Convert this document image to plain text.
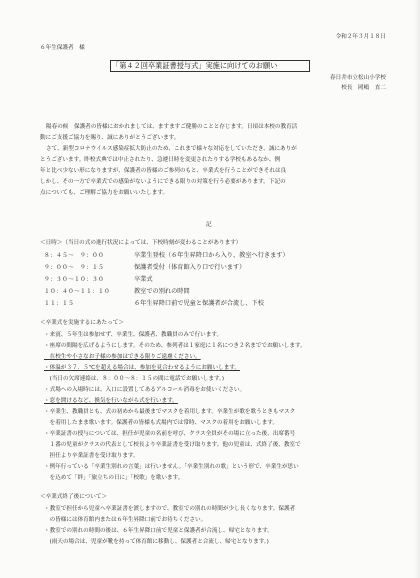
令和２年３月１８日
６年生保護者　様
「第４２回卒業証書授与式」実施に向けてのお願い
春日井市立松山小学校
校長　岡嶋　直二
陽春の候　保護者の皆様におかれましては、ますますご健勝のことと存じます。日頃は本校の教育活
動にご支援ご協力を賜り、誠にありがとうございます。
さて、新型コロナウイルス感染症拡大防止のため、これまで様々な対応をしていただき、誠にありが
とうございます。昨校式典では中止されたり、急遽日時を変更されたりする学校もあるなか、例
年と比べ少ない形になりますが、保護者の皆様のご参列のもと、卒業式を行うことができそれは良
しかし、その一方で卒業式での感染がないようにできる限りの対策を行う必要があります。下記の
点についても、ご理解ご協力をお願いいたします。
記
＜日時＞（当日の式の進行状況によっては、下校時刻が変わることがあります）
８：４５～　９：００	卒業生登校（６年生昇降口から入り、教室へ行きます）
９：００～　９：１５	保護者受付（体育館入り口で行います）
９：３０～１０：３０	卒業式
１０：４０～１１：１０	教室での別れの時間
１１：１５	６年生昇降口前で児童と保護者が合流し、下校
＜卒業式を実施するにあたって＞
・来賓、５年生は参加せず、卒業生、保護者、教職員のみで行います。
・座席の間隔を広げるようにします。そのため、参列者は１家庭に１名につき２名まででお願いします。
　在校生や小さなお子様の参加はできる限りご遠慮ください。
・体温が３７．５℃を超える場合は、参加を見合わせるようにお願いします。
　(当日の欠席連絡は、８：００～８：１５の間に電話でお願いします。)
・式場への入場時には、入口に設置してあるアルコール消毒をお使いください。
・窓を開けるなど、換気を行いながら式を行います。
・卒業生、教職員とも、式の初めから最後までマスクを着用します。卒業生が歌を歌うときもマスク
　を着用したまま歌います。保護者の皆様も式場内では常時、マスクの着用をお願いします。
・卒業証書の授与については、担任が児童の名前を呼び、クラス全員がその場に立った後、出席番号
　１番の児童がクラスの代表として校長より卒業証書を受け取ります。他の児童は、式終了後、教室で
　担任より卒業証書を受け取ります。
・例年行っている「卒業生別れの言葉」は行いません。「卒業生別れの歌」という形で、卒業生が思い
　を込めて「絆」「旅立ちの日に」「校歌」を歌います。
＜卒業式終了後について＞
・教室で担任から児童へ卒業証書を渡しますので、教室での別れの時間が少し長くなります。保護者
　の皆様には体育館内または６年生昇降口前でお待ちください。
・教室での別れの時間の後は、６年生昇降口前で児童と保護者が合流し、帰宅となります。
　(雨天の場合は、児童が靴を持って体育館に移動し、保護者と合流し、帰宅となります。)
